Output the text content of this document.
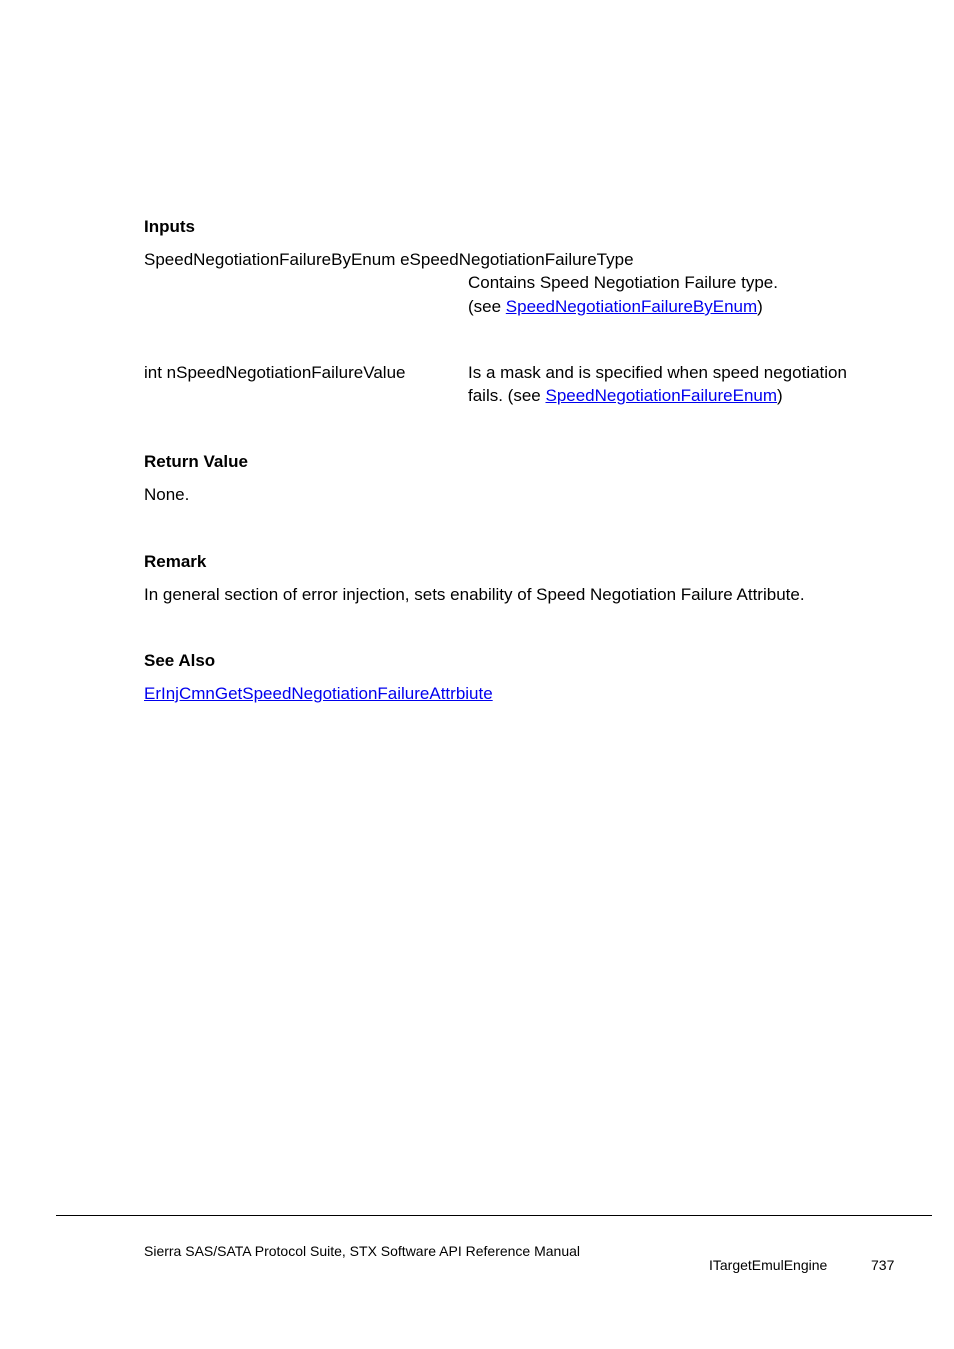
Inputs
SpeedNegotiationFailureByEnum eSpeedNegotiationFailureType
Contains Speed Negotiation Failure type.
(see SpeedNegotiationFailureByEnum)
int nSpeedNegotiationFailureValue	Is a mask and is specified when speed negotiation
fails. (see SpeedNegotiationFailureEnum)
Return Value
None.
Remark
In general section of error injection, sets enability of Speed Negotiation Failure Attribute.
See Also
ErInjCmnGetSpeedNegotiationFailureAttrbiute
Sierra SAS/SATA Protocol Suite, STX Software API Reference Manual
ITargetEmulEngine	737
